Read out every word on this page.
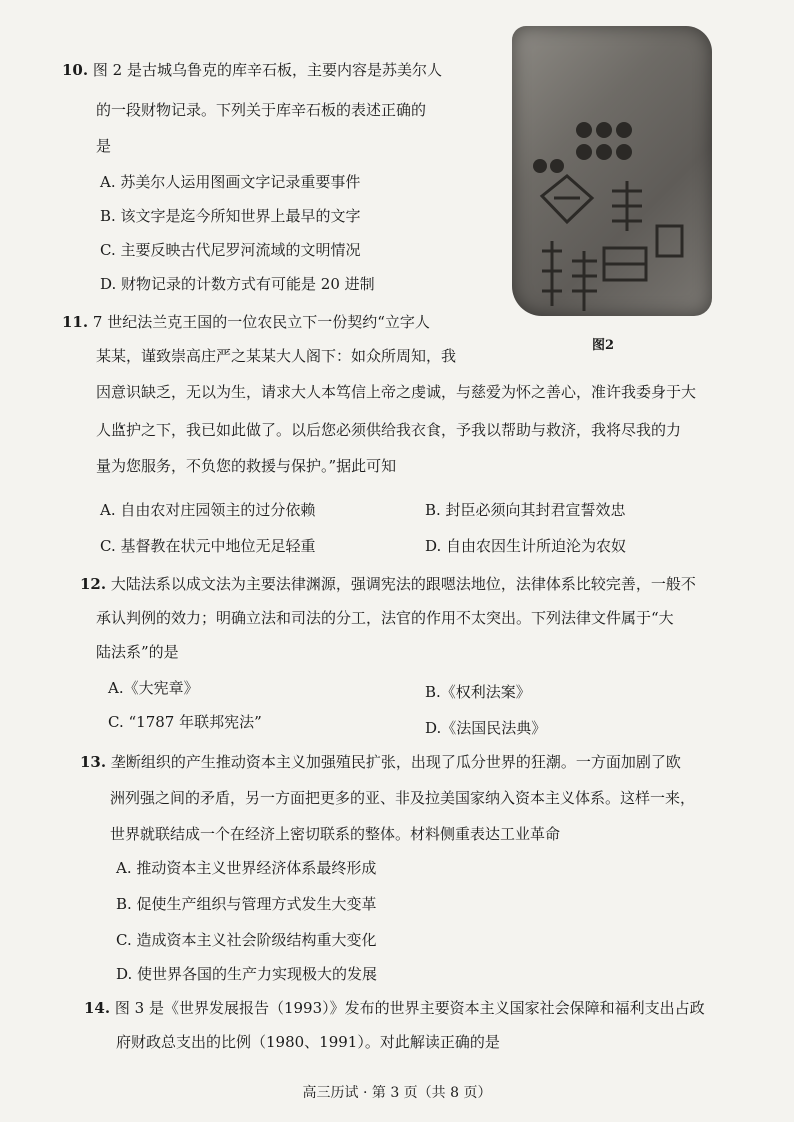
10. 图 2 是古城乌鲁克的库辛石板，主要内容是苏美尔人
的一段财物记录。下列关于库辛石板的表述正确的
是
A. 苏美尔人运用图画文字记录重要事件
B. 该文字是迄今所知世界上最早的文字
C. 主要反映古代尼罗河流域的文明情况
D. 财物记录的计数方式有可能是 20 进制
图2
11. 7 世纪法兰克王国的一位农民立下一份契约“立字人
某某，谨致崇高庄严之某某大人阁下：如众所周知，我
因意识缺乏，无以为生，请求大人本笃信上帝之虔诚，与慈爱为怀之善心，准许我委身于大
人监护之下，我已如此做了。以后您必须供给我衣食，予我以帮助与救济，我将尽我的力
量为您服务，不负您的救援与保护。”据此可知
A. 自由农对庄园领主的过分依赖	B. 封臣必须向其封君宣誓效忠
C. 基督教在状元中地位无足轻重	D. 自由农因生计所迫沦为农奴
12. 大陆法系以成文法为主要法律渊源，强调宪法的跟嗯法地位，法律体系比较完善，一般不
承认判例的效力；明确立法和司法的分工，法官的作用不太突出。下列法律文件属于“大
陆法系”的是
A.《大宪章》	B.《权利法案》
C. “1787 年联邦宪法”	D.《法国民法典》
13. 垄断组织的产生推动资本主义加强殖民扩张，出现了瓜分世界的狂潮。一方面加剧了欧
洲列强之间的矛盾，另一方面把更多的亚、非及拉美国家纳入资本主义体系。这样一来，
世界就联结成一个在经济上密切联系的整体。材料侧重表达工业革命
A. 推动资本主义世界经济体系最终形成
B. 促使生产组织与管理方式发生大变革
C. 造成资本主义社会阶级结构重大变化
D. 使世界各国的生产力实现极大的发展
14. 图 3 是《世界发展报告（1993）》发布的世界主要资本主义国家社会保障和福利支出占政
府财政总支出的比例（1980、1991）。对此解读正确的是
高三历试 · 第 3 页（共 8 页）
